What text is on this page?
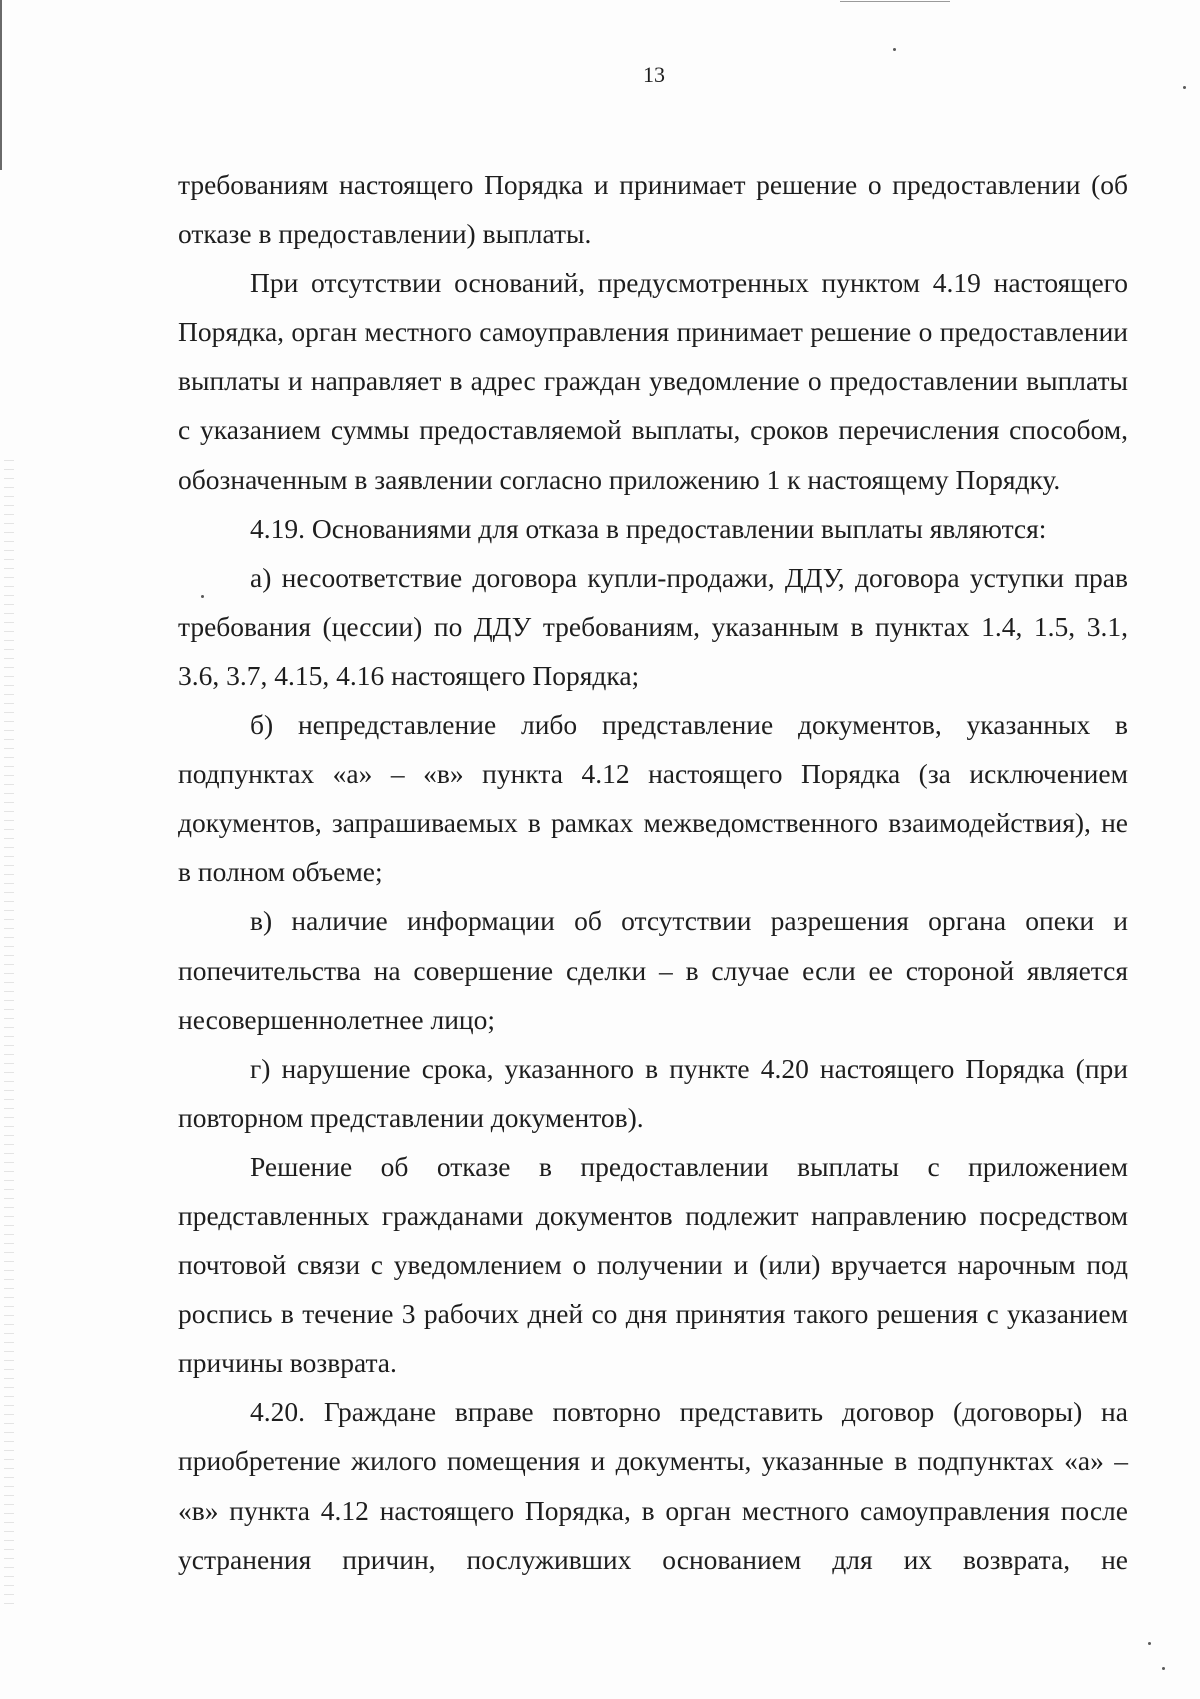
13

требованиям настоящего Порядка и принимает решение о предоставлении (об отказе в предоставлении) выплаты.

При отсутствии оснований, предусмотренных пунктом 4.19 настоящего Порядка, орган местного самоуправления принимает решение о предоставлении выплаты и направляет в адрес граждан уведомление о предоставлении выплаты с указанием суммы предоставляемой выплаты, сроков перечисления способом, обозначенным в заявлении согласно приложению 1 к настоящему Порядку.

4.19. Основаниями для отказа в предоставлении выплаты являются:

а) несоответствие договора купли-продажи, ДДУ, договора уступки прав требования (цессии) по ДДУ требованиям, указанным в пунктах 1.4, 1.5, 3.1, 3.6, 3.7, 4.15, 4.16 настоящего Порядка;

б) непредставление либо представление документов, указанных в подпунктах «а» – «в» пункта 4.12 настоящего Порядка (за исключением документов, запрашиваемых в рамках межведомственного взаимодействия), не в полном объеме;

в) наличие информации об отсутствии разрешения органа опеки и попечительства на совершение сделки – в случае если ее стороной является несовершеннолетнее лицо;

г) нарушение срока, указанного в пункте 4.20 настоящего Порядка (при повторном представлении документов).

Решение об отказе в предоставлении выплаты с приложением представленных гражданами документов подлежит направлению посредством почтовой связи с уведомлением о получении и (или) вручается нарочным под роспись в течение 3 рабочих дней со дня принятия такого решения с указанием причины возврата.

4.20. Граждане вправе повторно представить договор (договоры) на приобретение жилого помещения и документы, указанные в подпунктах «а» – «в» пункта 4.12 настоящего Порядка, в орган местного самоуправления после устранения причин, послуживших основанием для их возврата, не
